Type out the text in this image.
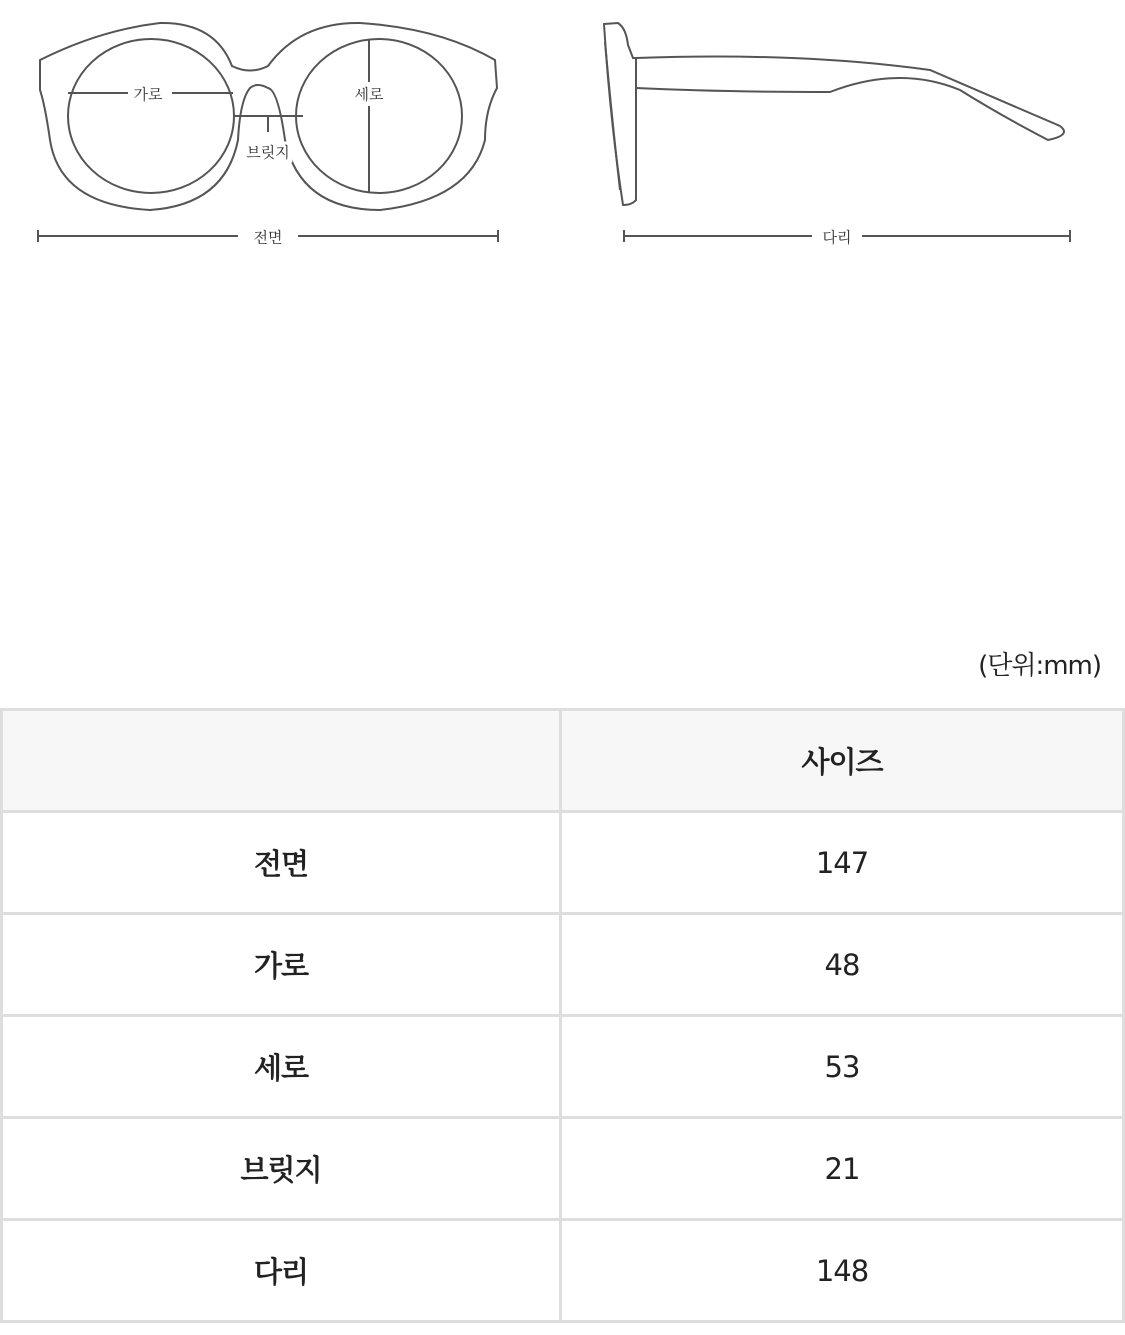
가로	세로
브릿지
전면	다리
(단위:mm)
	사이즈
전면	147
가로	48
세로	53
브릿지	21
다리	148
